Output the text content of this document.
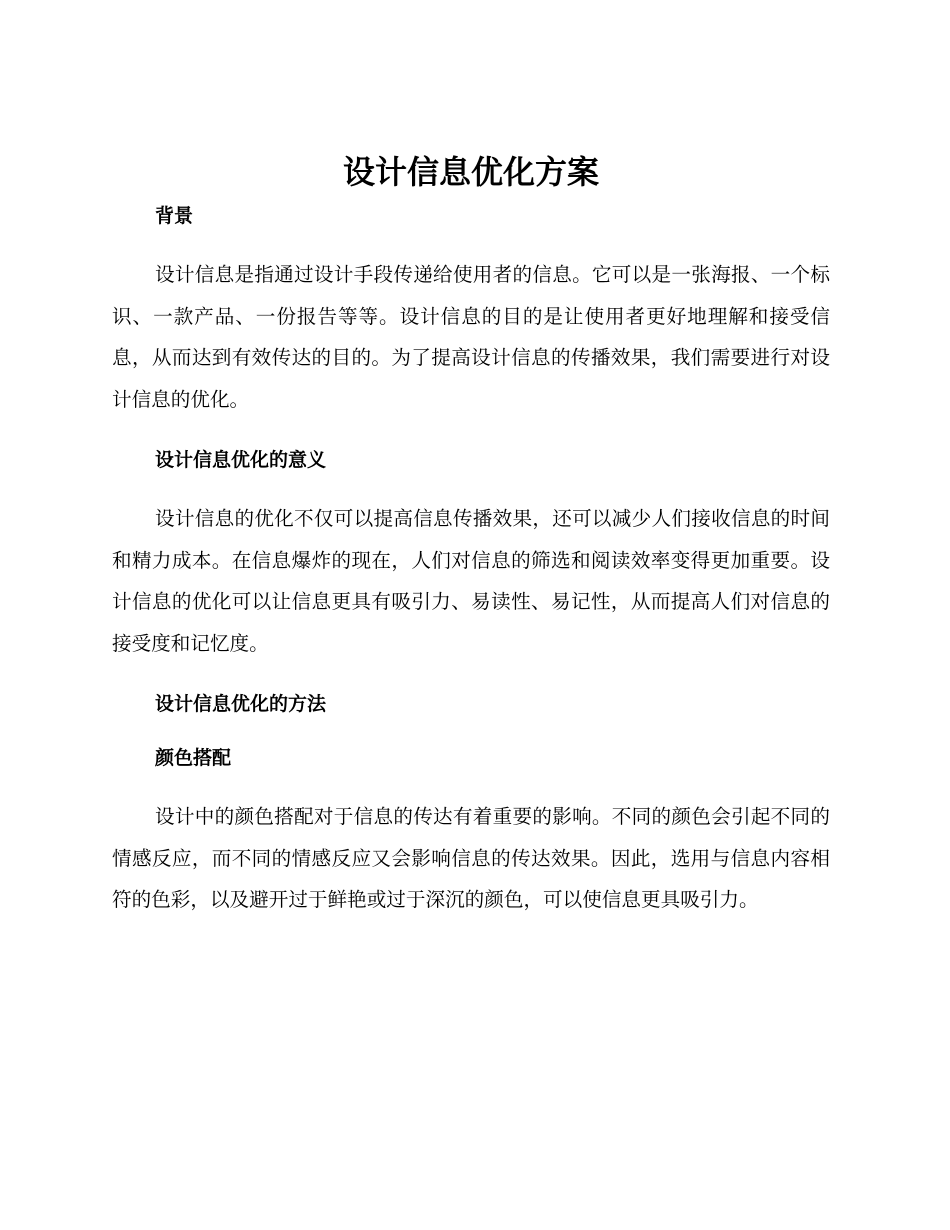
设计信息优化方案
背景

设计信息是指通过设计手段传递给使用者的信息。它可以是一张海报、一个标识、一款产品、一份报告等等。设计信息的目的是让使用者更好地理解和接受信息，从而达到有效传达的目的。为了提高设计信息的传播效果，我们需要进行对设计信息的优化。

设计信息优化的意义

设计信息的优化不仅可以提高信息传播效果，还可以减少人们接收信息的时间和精力成本。在信息爆炸的现在，人们对信息的筛选和阅读效率变得更加重要。设计信息的优化可以让信息更具有吸引力、易读性、易记性，从而提高人们对信息的接受度和记忆度。

设计信息优化的方法
颜色搭配

设计中的颜色搭配对于信息的传达有着重要的影响。不同的颜色会引起不同的情感反应，而不同的情感反应又会影响信息的传达效果。因此，选用与信息内容相符的色彩，以及避开过于鲜艳或过于深沉的颜色，可以使信息更具吸引力。
